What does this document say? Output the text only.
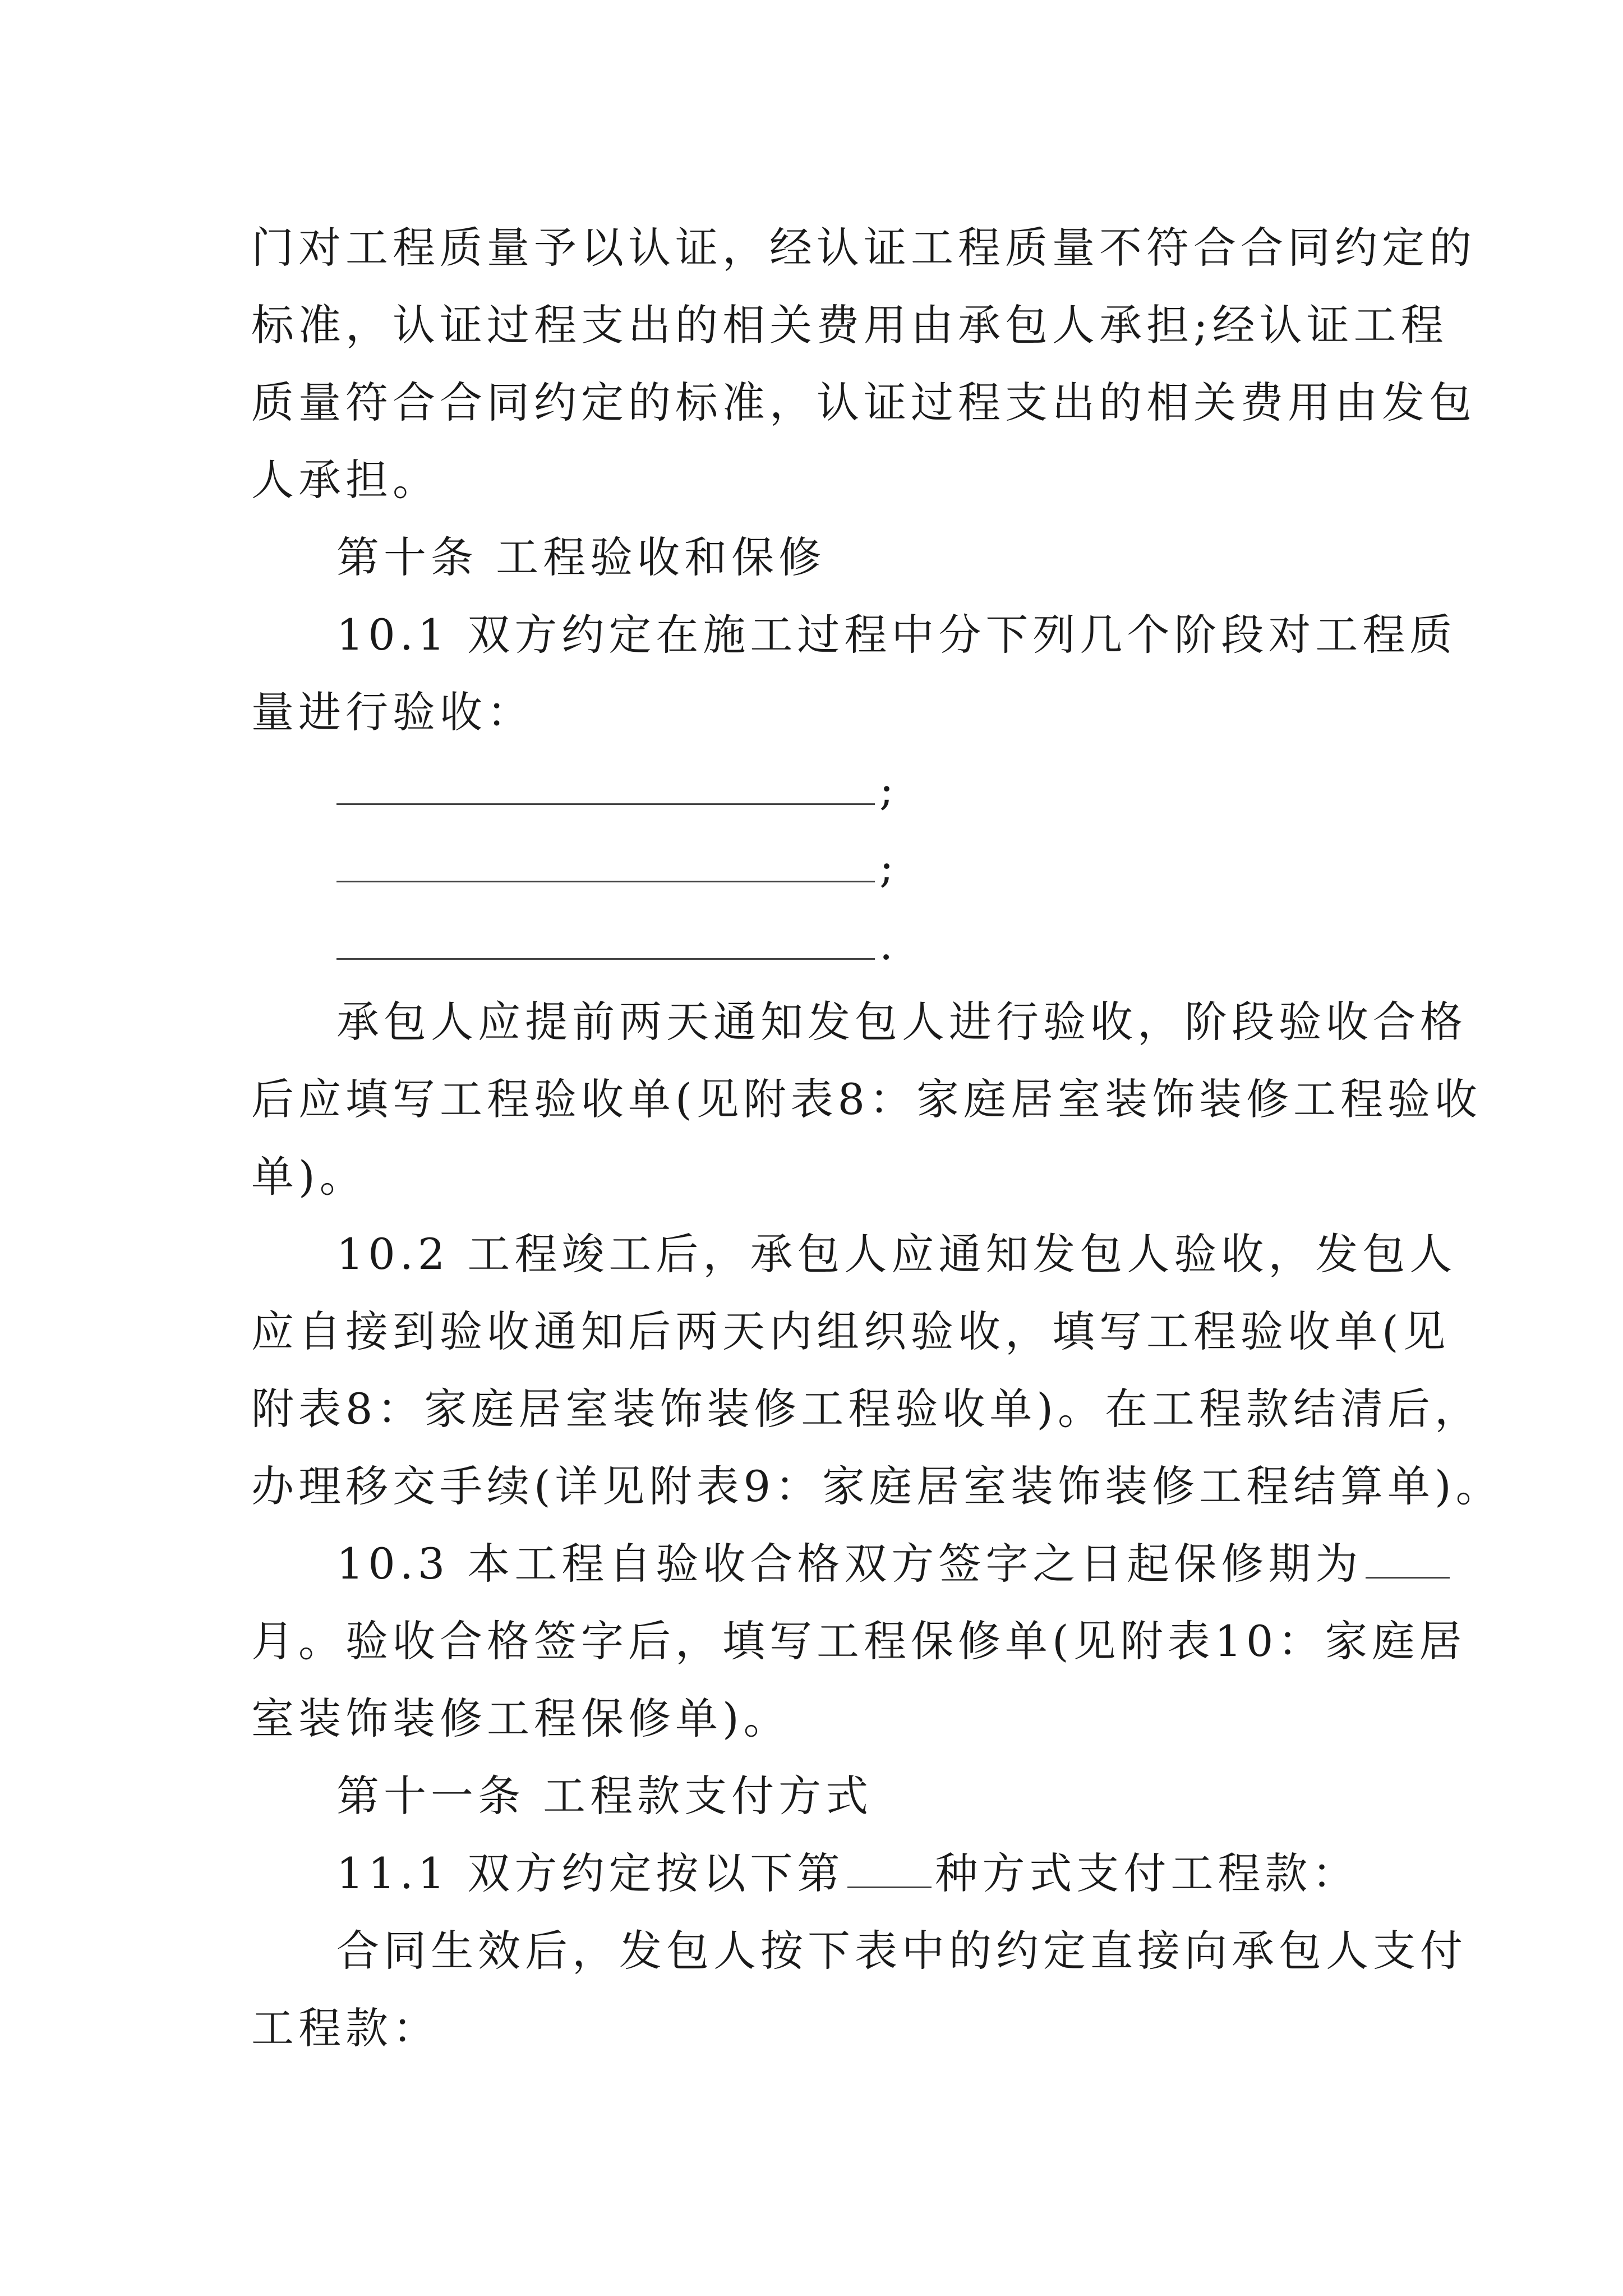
门对工程质量予以认证，经认证工程质量不符合合同约定的
标准，认证过程支出的相关费用由承包人承担;经认证工程
质量符合合同约定的标准，认证过程支出的相关费用由发包
人承担。
第十条 工程验收和保修
10.1 双方约定在施工过程中分下列几个阶段对工程质
量进行验收：
;
;
.
承包人应提前两天通知发包人进行验收，阶段验收合格
后应填写工程验收单(见附表8：家庭居室装饰装修工程验收
单)。
10.2 工程竣工后，承包人应通知发包人验收，发包人
应自接到验收通知后两天内组织验收，填写工程验收单(见
附表8：家庭居室装饰装修工程验收单)。在工程款结清后，
办理移交手续(详见附表9：家庭居室装饰装修工程结算单)。
10.3 本工程自验收合格双方签字之日起保修期为
月。验收合格签字后，填写工程保修单(见附表10：家庭居
室装饰装修工程保修单)。
第十一条 工程款支付方式
11.1 双方约定按以下第 种方式支付工程款：
合同生效后，发包人按下表中的约定直接向承包人支付
工程款：
